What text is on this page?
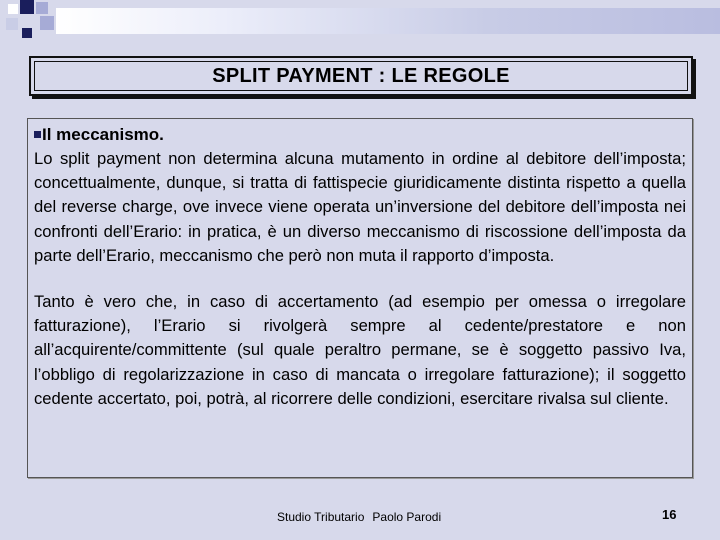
SPLIT PAYMENT : LE REGOLE

Il meccanismo.

Lo split payment non determina alcuna mutamento in ordine al debitore dell’imposta; concettualmente, dunque, si tratta di fattispecie giuridicamente distinta rispetto a quella del reverse charge, ove invece viene operata un’inversione del debitore dell’imposta nei confronti dell’Erario: in pratica, è un diverso meccanismo di riscossione dell’imposta da parte dell’Erario, meccanismo che però non muta il rapporto d’imposta.

Tanto è vero che, in caso di accertamento (ad esempio per omessa o irregolare fatturazione), l’Erario si rivolgerà sempre al cedente/prestatore e non all’acquirente/committente (sul quale peraltro permane, se è soggetto passivo Iva, l’obbligo di regolarizzazione in caso di mancata o irregolare fatturazione); il soggetto cedente accertato, poi, potrà, al ricorrere delle condizioni, esercitare rivalsa sul cliente.

Studio Tributario Paolo Parodi	16
